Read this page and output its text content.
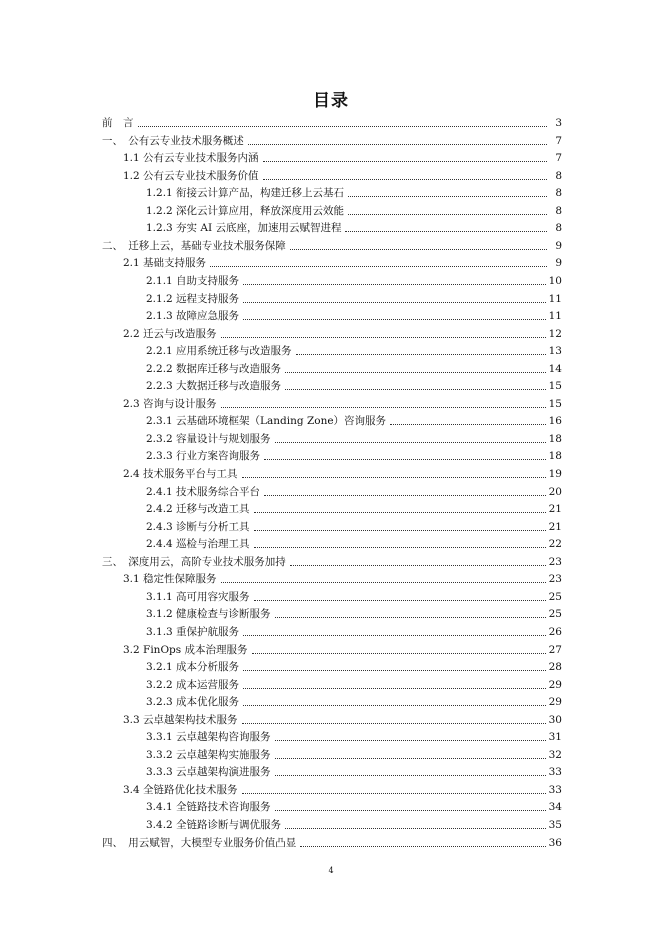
目录
前　言	3
一、　公有云专业技术服务概述	7
1.1 公有云专业技术服务内涵	7
1.2 公有云专业技术服务价值	8
1.2.1 衔接云计算产品，构建迁移上云基石	8
1.2.2 深化云计算应用，释放深度用云效能	8
1.2.3 夯实 AI 云底座，加速用云赋智进程	8
二、　迁移上云，基础专业技术服务保障	9
2.1 基础支持服务	9
2.1.1 自助支持服务	10
2.1.2 远程支持服务	11
2.1.3 故障应急服务	11
2.2 迁云与改造服务	12
2.2.1 应用系统迁移与改造服务	13
2.2.2 数据库迁移与改造服务	14
2.2.3 大数据迁移与改造服务	15
2.3 咨询与设计服务	15
2.3.1 云基础环境框架（Landing Zone）咨询服务	16
2.3.2 容量设计与规划服务	18
2.3.3 行业方案咨询服务	18
2.4 技术服务平台与工具	19
2.4.1 技术服务综合平台	20
2.4.2 迁移与改造工具	21
2.4.3 诊断与分析工具	21
2.4.4 巡检与治理工具	22
三、　深度用云，高阶专业技术服务加持	23
3.1 稳定性保障服务	23
3.1.1 高可用容灾服务	25
3.1.2 健康检查与诊断服务	25
3.1.3 重保护航服务	26
3.2 FinOps 成本治理服务	27
3.2.1 成本分析服务	28
3.2.2 成本运营服务	29
3.2.3 成本优化服务	29
3.3 云卓越架构技术服务	30
3.3.1 云卓越架构咨询服务	31
3.3.2 云卓越架构实施服务	32
3.3.3 云卓越架构演进服务	33
3.4 全链路优化技术服务	33
3.4.1 全链路技术咨询服务	34
3.4.2 全链路诊断与调优服务	35
四、　用云赋智，大模型专业服务价值凸显	36
4
